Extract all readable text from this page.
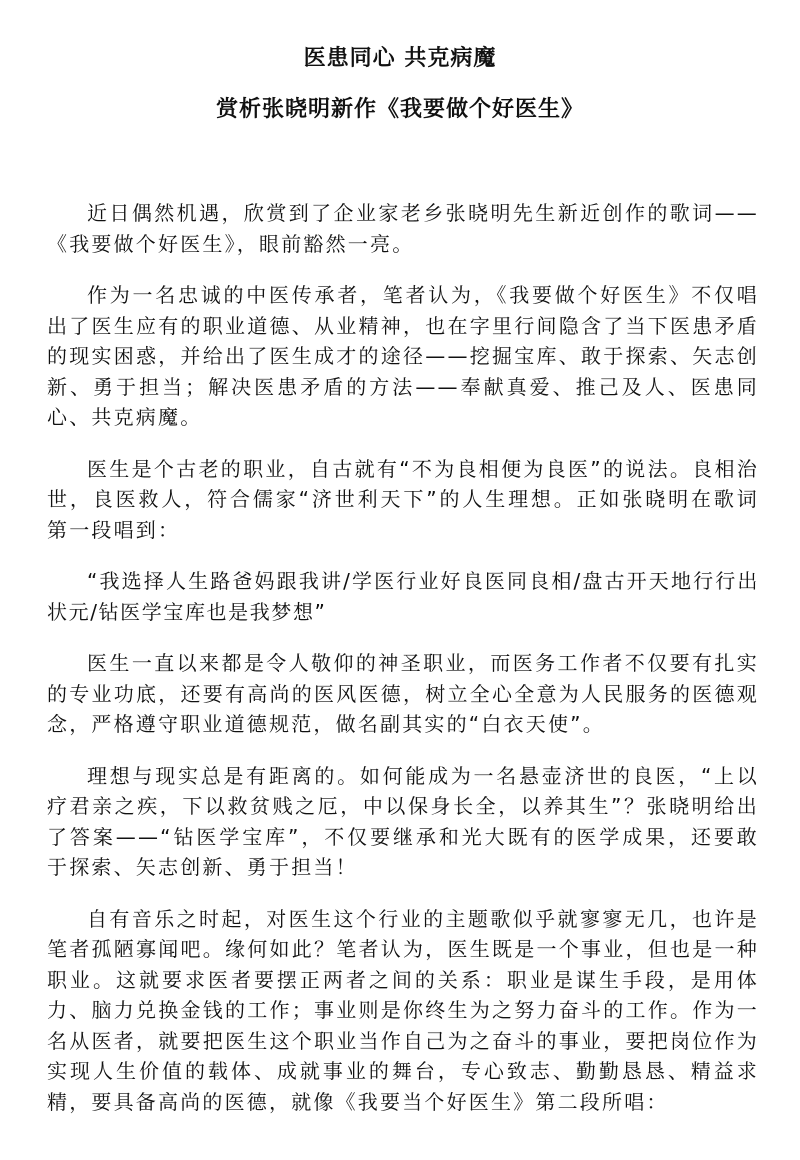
医患同心 共克病魔

赏析张晓明新作《我要做个好医生》

近日偶然机遇，欣赏到了企业家老乡张晓明先生新近创作的歌词——《我要做个好医生》，眼前豁然一亮。

作为一名忠诚的中医传承者，笔者认为，《我要做个好医生》不仅唱出了医生应有的职业道德、从业精神，也在字里行间隐含了当下医患矛盾的现实困惑，并给出了医生成才的途径——挖掘宝库、敢于探索、矢志创新、勇于担当；解决医患矛盾的方法——奉献真爱、推己及人、医患同心、共克病魔。

医生是个古老的职业，自古就有“不为良相便为良医”的说法。良相治世，良医救人，符合儒家“济世利天下”的人生理想。正如张晓明在歌词第一段唱到：

“我选择人生路爸妈跟我讲/学医行业好良医同良相/盘古开天地行行出状元/钻医学宝库也是我梦想”

医生一直以来都是令人敬仰的神圣职业，而医务工作者不仅要有扎实的专业功底，还要有高尚的医风医德，树立全心全意为人民服务的医德观念，严格遵守职业道德规范，做名副其实的“白衣天使”。

理想与现实总是有距离的。如何能成为一名悬壶济世的良医，“上以疗君亲之疾，下以救贫贱之厄，中以保身长全，以养其生”？张晓明给出了答案——“钻医学宝库”，不仅要继承和光大既有的医学成果，还要敢于探索、矢志创新、勇于担当！

自有音乐之时起，对医生这个行业的主题歌似乎就寥寥无几，也许是笔者孤陋寡闻吧。缘何如此？笔者认为，医生既是一个事业，但也是一种职业。这就要求医者要摆正两者之间的关系：职业是谋生手段，是用体力、脑力兑换金钱的工作；事业则是你终生为之努力奋斗的工作。作为一名从医者，就要把医生这个职业当作自己为之奋斗的事业，要把岗位作为实现人生价值的载体、成就事业的舞台，专心致志、勤勤恳恳、精益求精，要具备高尚的医德，就像《我要当个好医生》第二段所唱：
